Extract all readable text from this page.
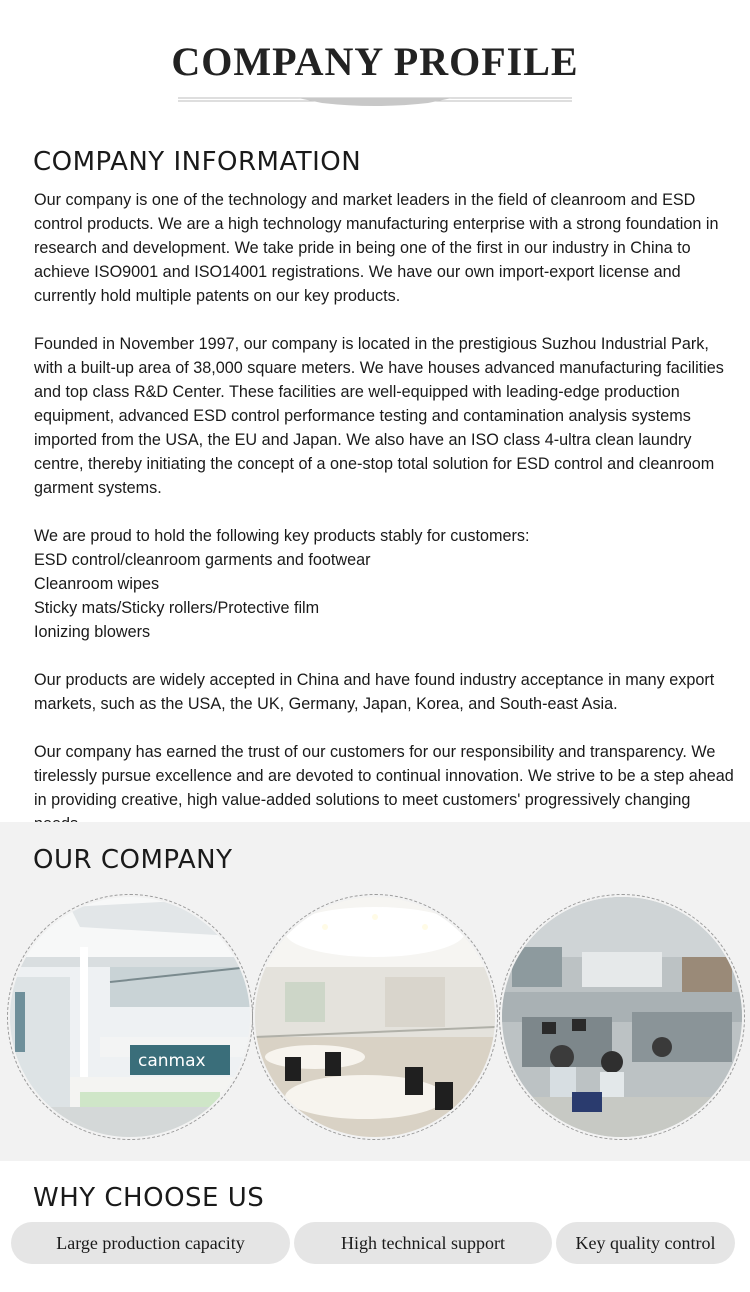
COMPANY PROFILE
COMPANY INFORMATION

Our company is one of the technology and market leaders in the field of cleanroom and ESD control products. We are a high technology manufacturing enterprise with a strong foundation in research and development. We take pride in being one of the first in our industry in China to achieve ISO9001 and ISO14001 registrations. We have our own import-export license and currently hold multiple patents on our key products.

Founded in November 1997, our company is located in the prestigious Suzhou Industrial Park, with a built-up area of 38,000 square meters. We have houses advanced manufacturing facilities and top class R&D Center. These facilities are well-equipped with leading-edge production equipment, advanced ESD control performance testing and contamination analysis systems imported from the USA, the EU and Japan. We also have an ISO class 4-ultra clean laundry centre, thereby initiating the concept of a one-stop total solution for ESD control and cleanroom garment systems.

We are proud to hold the following key products stably for customers:
ESD control/cleanroom garments and footwear
Cleanroom wipes
Sticky mats/Sticky rollers/Protective film
Ionizing blowers

Our products are widely accepted in China and have found industry acceptance in many export markets, such as the USA, the UK, Germany, Japan, Korea, and South-east Asia.

Our company has earned the trust of our customers for our responsibility and transparency. We tirelessly pursue excellence and are devoted to continual innovation. We strive to be a step ahead in providing creative, high value-added solutions to meet customers' progressively changing

OUR COMPANY
canmax
WHY CHOOSE US
Large production capacity	High technical support	Key quality control
